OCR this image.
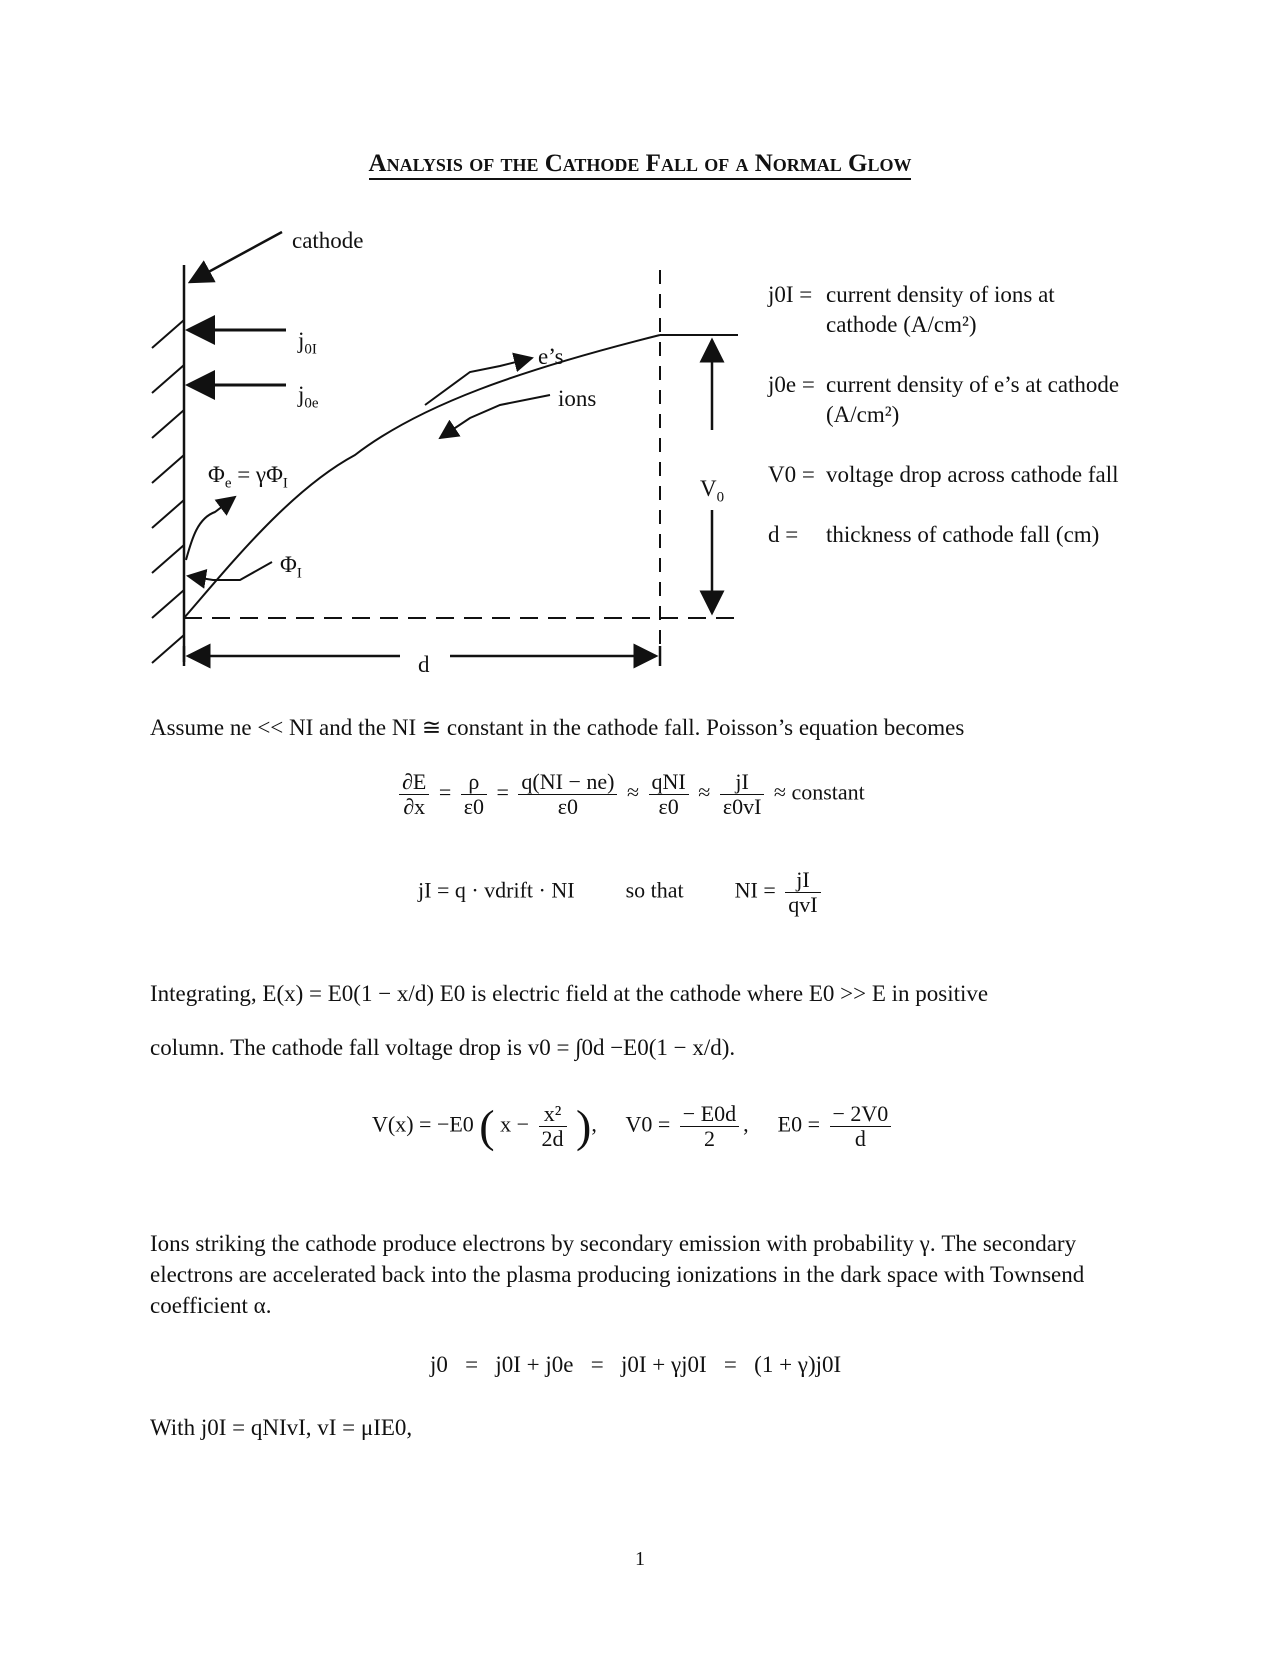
Analysis of the Cathode Fall of a Normal Glow
cathode
$j_{0I}$
$j_{0e}$
e’s
ions
$\Phi_e = \gamma\Phi_I$
$\Phi_I$
$V_0$
d
j0I = current density of ions at cathode (A/cm²)
j0e = current density of e’s at cathode (A/cm²)
V0 = voltage drop across cathode fall
d =	thickness of cathode fall (cm)
Assume ne << NI and the NI ≅ constant in the cathode fall. Poisson’s equation becomes
$\frac{\partial E}{\partial x} = \frac{\rho}{\varepsilon 0} = \frac{q(NI - ne)}{\varepsilon 0} \approx \frac{\text{qNI}}{\varepsilon 0} \approx \frac{jI}{\varepsilon 0vI}$ ≈ constant
jI = q · vdrift · NI so that NI = $\frac{jI}{\text{qvI}}$
Integrating, E(x) = E0(1 − x/d) E0 is electric field at the cathode where E0 >> E in positive
column. The cathode fall voltage drop is v0 = ∫0d −E0(1 − x/d).
V(x) = −E0 ( $x - \frac{\text{x²}}{2d}$ ),  $V0 = \frac{- E0d}{2}$ ,  $E0 = \frac{- 2V0}{d}$
Ions striking the cathode produce electrons by secondary emission with probability γ. The secondary electrons are accelerated back into the plasma producing ionizations in the dark space with Townsend coefficient α.
j0   =   j0I + j0e   =   j0I + γj0I   =   (1 + γ)j0I
With j0I = qNIvI, vI = μIE0,
1
